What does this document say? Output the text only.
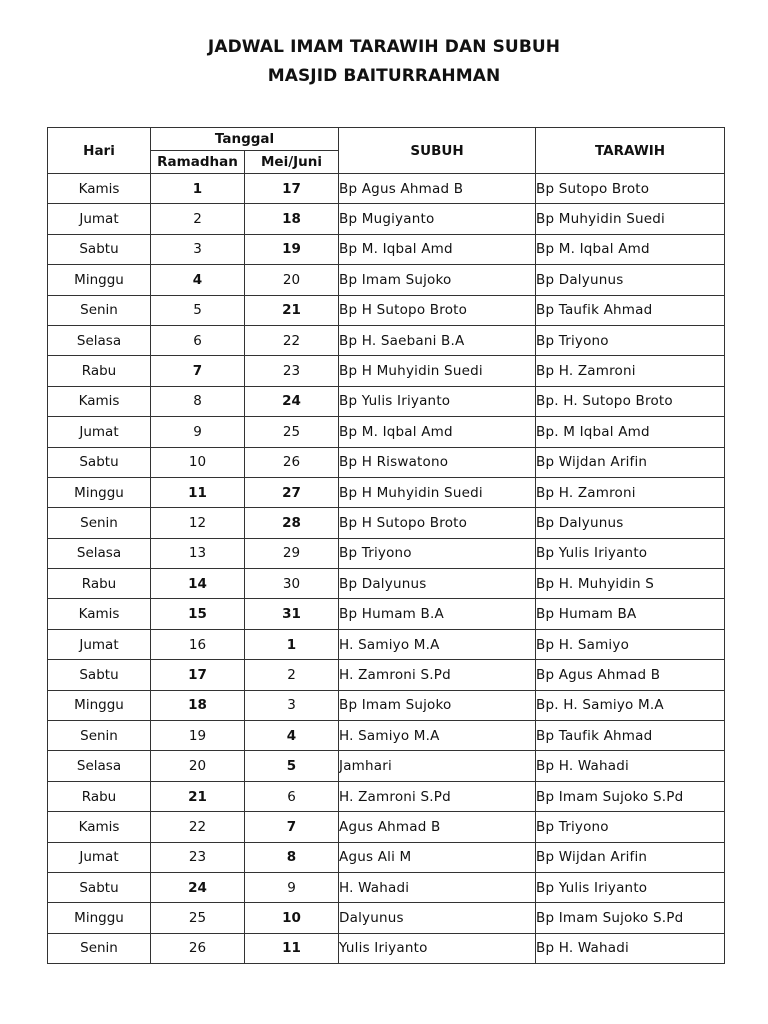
JADWAL IMAM TARAWIH DAN SUBUH
MASJID BAITURRAHMAN
Hari	Tanggal		SUBUH	TARAWIH
	Ramadhan	Mei/Juni		
Kamis	1	17	Bp Agus Ahmad B	Bp Sutopo Broto
Jumat	2	18	Bp Mugiyanto	Bp Muhyidin Suedi
Sabtu	3	19	Bp M. Iqbal Amd	Bp M. Iqbal Amd
Minggu	4	20	Bp Imam Sujoko	Bp Dalyunus
Senin	5	21	Bp H Sutopo Broto	Bp Taufik Ahmad
Selasa	6	22	Bp H. Saebani B.A	Bp Triyono
Rabu	7	23	Bp H Muhyidin Suedi	Bp H. Zamroni
Kamis	8	24	Bp Yulis Iriyanto	Bp. H. Sutopo Broto
Jumat	9	25	Bp M. Iqbal Amd	Bp. M Iqbal Amd
Sabtu	10	26	Bp H Riswatono	Bp Wijdan Arifin
Minggu	11	27	Bp H Muhyidin Suedi	Bp H. Zamroni
Senin	12	28	Bp H Sutopo Broto	Bp Dalyunus
Selasa	13	29	Bp Triyono	Bp Yulis Iriyanto
Rabu	14	30	Bp Dalyunus	Bp H. Muhyidin S
Kamis	15	31	Bp Humam B.A	Bp Humam BA
Jumat	16	1	H. Samiyo M.A	Bp H. Samiyo
Sabtu	17	2	H. Zamroni S.Pd	Bp Agus Ahmad B
Minggu	18	3	Bp Imam Sujoko	Bp. H. Samiyo M.A
Senin	19	4	H. Samiyo M.A	Bp Taufik Ahmad
Selasa	20	5	Jamhari	Bp H. Wahadi
Rabu	21	6	H. Zamroni S.Pd	Bp Imam Sujoko S.Pd
Kamis	22	7	Agus Ahmad B	Bp Triyono
Jumat	23	8	Agus Ali M	Bp Wijdan Arifin
Sabtu	24	9	H. Wahadi	Bp Yulis Iriyanto
Minggu	25	10	Dalyunus	Bp Imam Sujoko S.Pd
Senin	26	11	Yulis Iriyanto	Bp H. Wahadi
